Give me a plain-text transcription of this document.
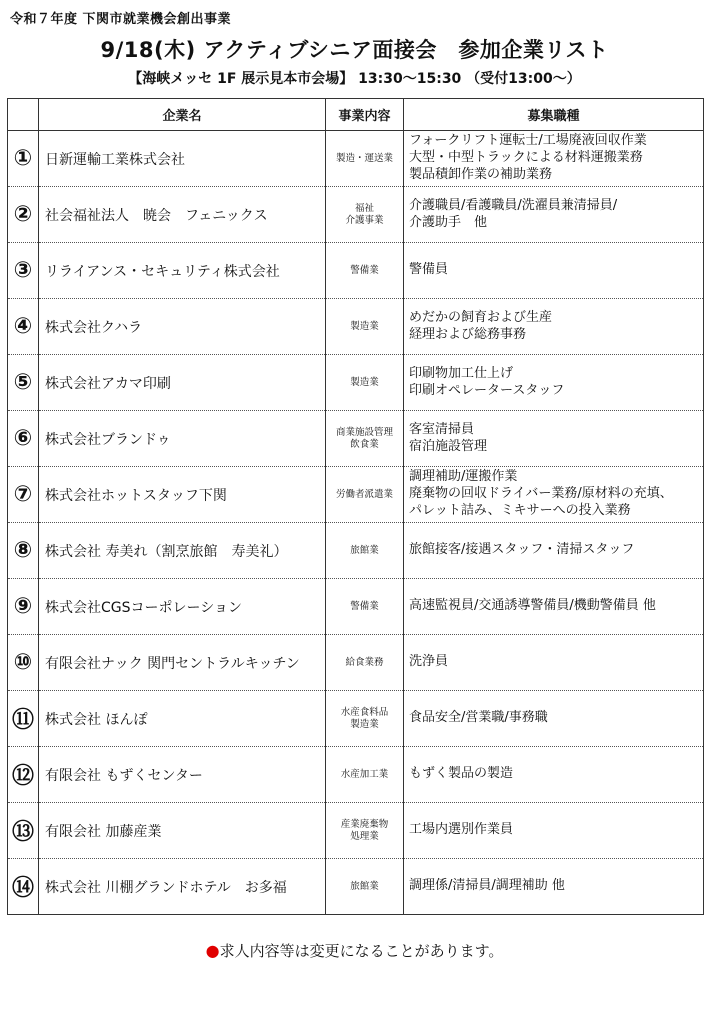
令和７年度 下関市就業機会創出事業
9/18(木) アクティブシニア面接会　参加企業リスト
【海峡メッセ 1F 展示見本市会場】 13:30～15:30 （受付13:00～）
	企業名	事業内容	募集職種
①	日新運輸工業株式会社	製造・運送業	フォークリフト運転士/工場廃液回収作業
大型・中型トラックによる材料運搬業務
製品積卸作業の補助業務
②	社会福祉法人　暁会　フェニックス	福祉
介護事業	介護職員/看護職員/洗濯員兼清掃員/
介護助手　他
③	リライアンス・セキュリティ株式会社	警備業	警備員
④	株式会社クハラ	製造業	めだかの飼育および生産
経理および総務事務
⑤	株式会社アカマ印刷	製造業	印刷物加工仕上げ
印刷オペレータースタッフ
⑥	株式会社ブランドゥ	商業施設管理
飲食業	客室清掃員
宿泊施設管理
⑦	株式会社ホットスタッフ下関	労働者派遣業	調理補助/運搬作業
廃棄物の回収ドライバー業務/原材料の充填、
パレット詰み、ミキサーへの投入業務
⑧	株式会社 寿美れ（割烹旅館　寿美礼）	旅館業	旅館接客/接遇スタッフ・清掃スタッフ
⑨	株式会社CGSコーポレーション	警備業	高速監視員/交通誘導警備員/機動警備員 他
⑩	有限会社ナック 関門セントラルキッチン	給食業務	洗浄員
⑪	株式会社 ほんぽ	水産食料品
製造業	食品安全/営業職/事務職
⑫	有限会社 もずくセンター	水産加工業	もずく製品の製造
⑬	有限会社 加藤産業	産業廃棄物
処理業	工場内選別作業員
⑭	株式会社 川棚グランドホテル　お多福	旅館業	調理係/清掃員/調理補助 他
●求人内容等は変更になることがあります。
